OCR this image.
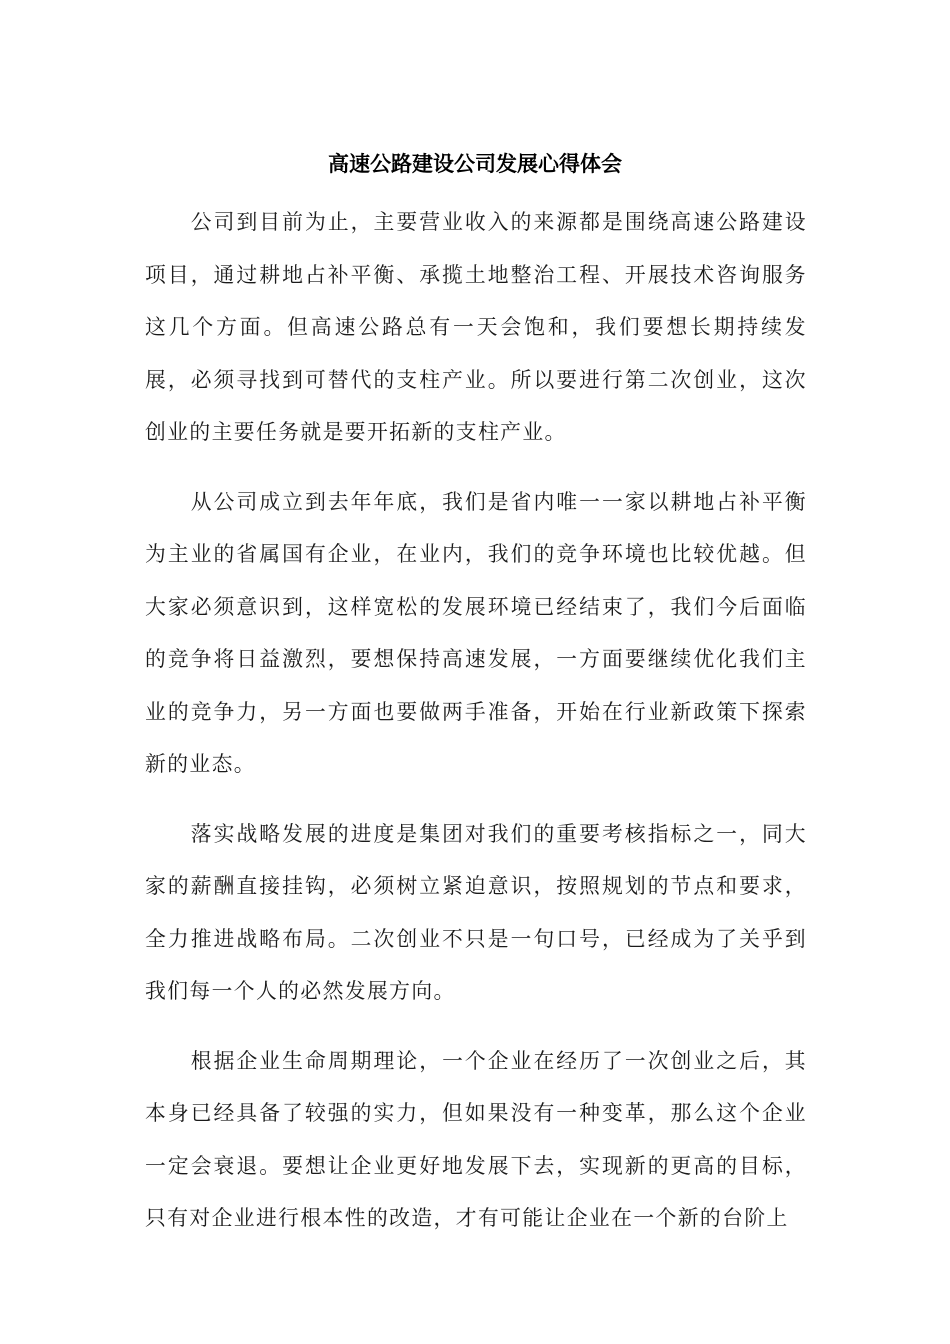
高速公路建设公司发展心得体会

公司到目前为止，主要营业收入的来源都是围绕高速公路建设项目，通过耕地占补平衡、承揽土地整治工程、开展技术咨询服务这几个方面。但高速公路总有一天会饱和，我们要想长期持续发展，必须寻找到可替代的支柱产业。所以要进行第二次创业，这次创业的主要任务就是要开拓新的支柱产业。

从公司成立到去年年底，我们是省内唯一一家以耕地占补平衡为主业的省属国有企业，在业内，我们的竞争环境也比较优越。但大家必须意识到，这样宽松的发展环境已经结束了，我们今后面临的竞争将日益激烈，要想保持高速发展，一方面要继续优化我们主业的竞争力，另一方面也要做两手准备，开始在行业新政策下探索新的业态。

落实战略发展的进度是集团对我们的重要考核指标之一，同大家的薪酬直接挂钩，必须树立紧迫意识，按照规划的节点和要求，全力推进战略布局。二次创业不只是一句口号，已经成为了关乎到我们每一个人的必然发展方向。

根据企业生命周期理论，一个企业在经历了一次创业之后，其本身已经具备了较强的实力，但如果没有一种变革，那么这个企业一定会衰退。要想让企业更好地发展下去，实现新的更高的目标，只有对企业进行根本性的改造，才有可能让企业在一个新的台阶上
